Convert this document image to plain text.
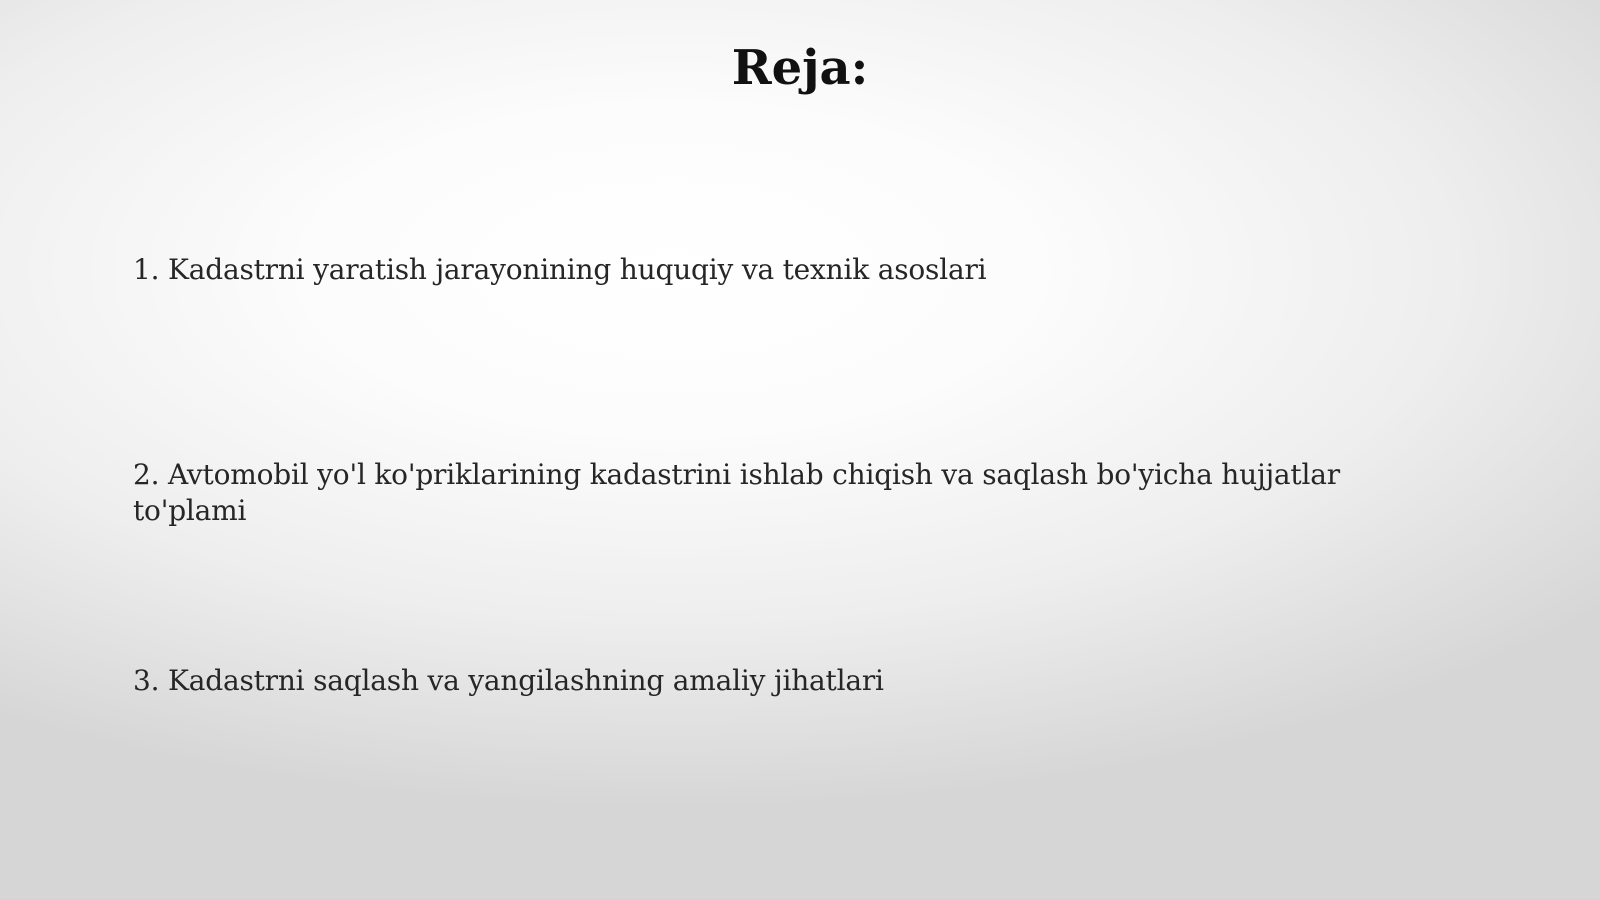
Reja:

1. Kadastrni yaratish jarayonining huquqiy va texnik asoslari

2. Avtomobil yo'l ko'priklarining kadastrini ishlab chiqish va saqlash bo'yicha hujjatlar to'plami

3. Kadastrni saqlash va yangilashning amaliy jihatlari
